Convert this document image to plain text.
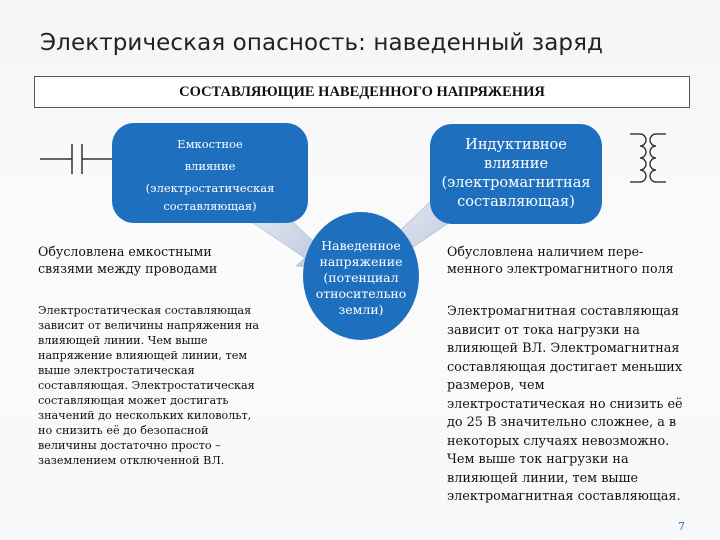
Электрическая опасность: наведенный заряд
СОСТАВЛЯЮЩИЕ НАВЕДЕННОГО НАПРЯЖЕНИЯ
Емкостное
влияние
(электростатическая
составляющая)
Индуктивное
влияние
(электромагнитная
составляющая)
Наведенное
напряжение
(потенциал
относительно
земли)
Обусловлена емкостными
связями между проводами
Электростатическая составляющая
зависит от величины напряжения на
влияющей линии. Чем выше
напряжение влияющей линии, тем
выше электростатическая
составляющая. Электростатическая
составляющая может достигать
значений до нескольких киловольт,
но снизить её до безопасной
величины достаточно просто –
заземлением отключенной ВЛ.
Обусловлена наличием пере-
менного электромагнитного поля
Электромагнитная составляющая
зависит от тока нагрузки на
влияющей ВЛ. Электромагнитная
составляющая достигает меньших
размеров, чем
электростатическая но снизить её
до 25 В значительно сложнее, а в
некоторых случаях невозможно.
Чем выше ток нагрузки на
влияющей линии, тем выше
электромагнитная составляющая.
7
